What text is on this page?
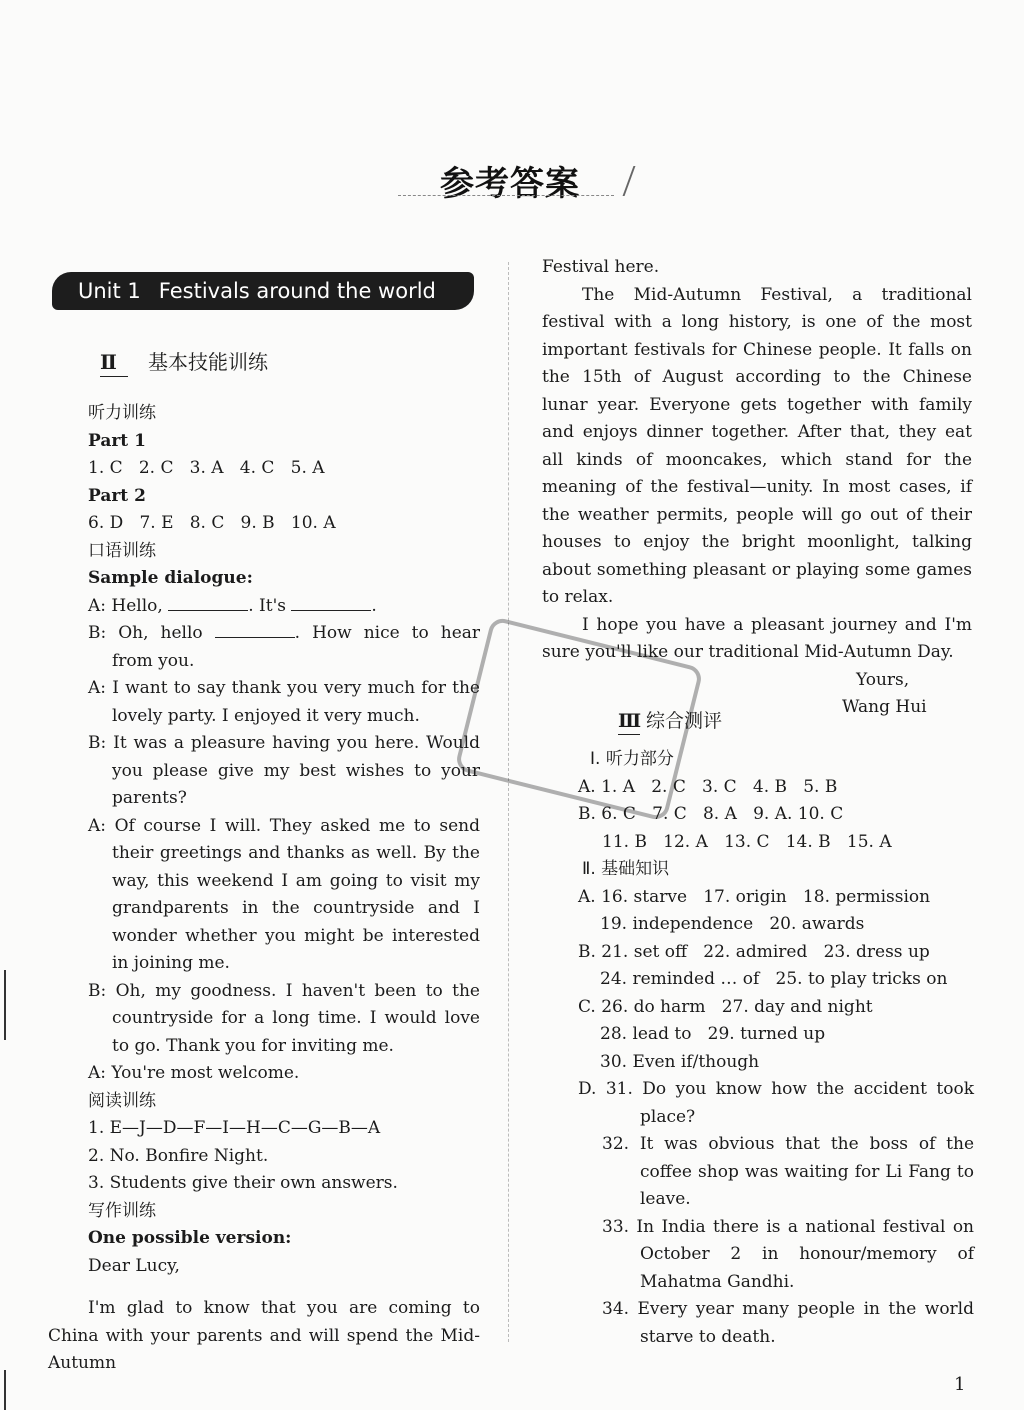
参考答案
Unit 1 Festivals around the world
Ⅱ 基本技能训练

听力训练

Part 1

1. C   2. C   3. A   4. C   5. A

Part 2

6. D   7. E   8. C   9. B   10. A

口语训练

Sample dialogue:

A: Hello,	. It's	.

B: Oh, hello	. How nice to hear

from you.

A: I want to say thank you very much for the lovely party. I enjoyed it very much.

B: It was a pleasure having you here. Would you please give my best wishes to your parents?

A: Of course I will. They asked me to send their greetings and thanks as well. By the way, this weekend I am going to visit my grandparents in the countryside and I wonder whether you might be interested in joining me.

B: Oh, my goodness. I haven't been to the countryside for a long time. I would love to go. Thank you for inviting me.

A: You're most welcome.

阅读训练

1. E—J—D—F—I—H—C—G—B—A

2. No. Bonfire Night.

3. Students give their own answers.

写作训练

One possible version:

Dear Lucy,

I'm glad to know that you are coming to China with your parents and will spend the Mid-Autumn

Festival here.

The Mid-Autumn Festival, a traditional festival with a long history, is one of the most important festivals for Chinese people. It falls on the 15th of August according to the Chinese lunar year. Everyone gets together with family and enjoys dinner together. After that, they eat all kinds of mooncakes, which stand for the meaning of the festival—unity. In most cases, if the weather permits, people will go out of their houses to enjoy the bright moonlight, talking about something pleasant or playing some games to relax.

I hope you have a pleasant journey and I'm sure you'll like our traditional Mid-Autumn Day.

Yours,

Wang Hui

Ⅲ 综合测评

Ⅰ. 听力部分

A. 1. A   2. C   3. C   4. B   5. B

B. 6. C   7. C   8. A   9. A. 10. C

11. B   12. A   13. C   14. B   15. A

Ⅱ. 基础知识

A. 16. starve   17. origin   18. permission

19. independence   20. awards

B. 21. set off   22. admired   23. dress up

24. reminded … of   25. to play tricks on

C. 26. do harm   27. day and night

28. lead to   29. turned up

30. Even if/though

D. 31. Do you know how the accident took place?

32. It was obvious that the boss of the coffee shop was waiting for Li Fang to leave.

33. In India there is a national festival on October 2 in honour/memory of Mahatma Gandhi.

34. Every year many people in the world starve to death.

1
